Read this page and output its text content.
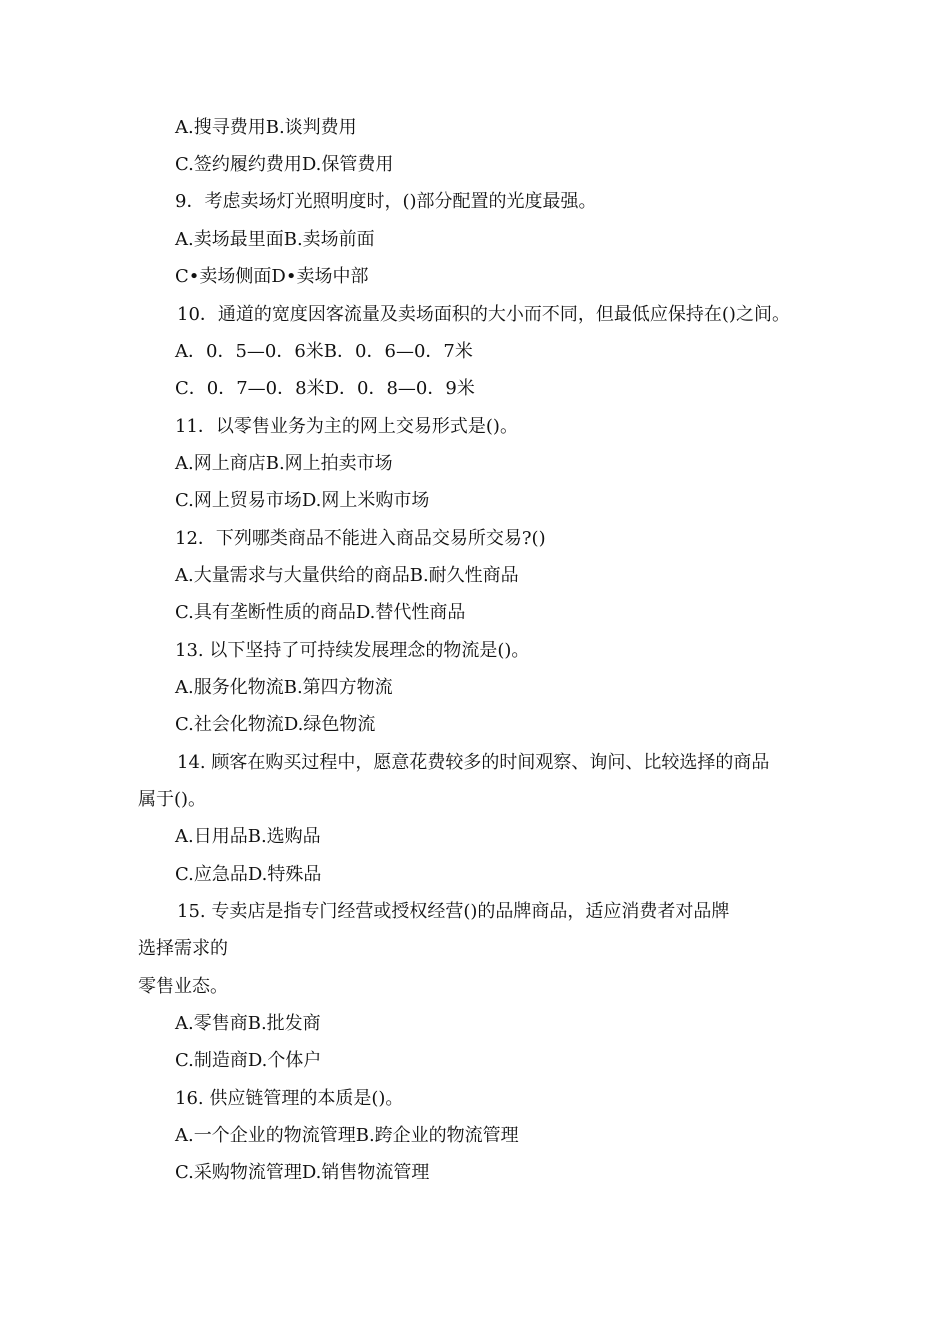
A.搜寻费用B.谈判费用
C.签约履约费用D.保管费用
9．考虑卖场灯光照明度时，()部分配置的光度最强。
A.卖场最里面B.卖场前面
C•卖场侧面D•卖场中部
10．通道的宽度因客流量及卖场面积的大小而不同，但最低应保持在()之间。
A．0．5—0．6米B．0．6—0．7米
C．0．7—0．8米D．0．8—0．9米
11．以零售业务为主的网上交易形式是()。
A.网上商店B.网上拍卖市场
C.网上贸易市场D.网上米购市场
12．下列哪类商品不能进入商品交易所交易?()
A.大量需求与大量供给的商品B.耐久性商品
C.具有垄断性质的商品D.替代性商品
13. 以下坚持了可持续发展理念的物流是()。
A.服务化物流B.第四方物流
C.社会化物流D.绿色物流
14. 顾客在购买过程中，愿意花费较多的时间观察、询问、比较选择的商品
属于()。
A.日用品B.选购品
C.应急品D.特殊品
15. 专卖店是指专门经营或授权经营()的品牌商品，适应消费者对品牌
选择需求的
零售业态。
A.零售商B.批发商
C.制造商D.个体户
16. 供应链管理的本质是()。
A.一个企业的物流管理B.跨企业的物流管理
C.采购物流管理D.销售物流管理
